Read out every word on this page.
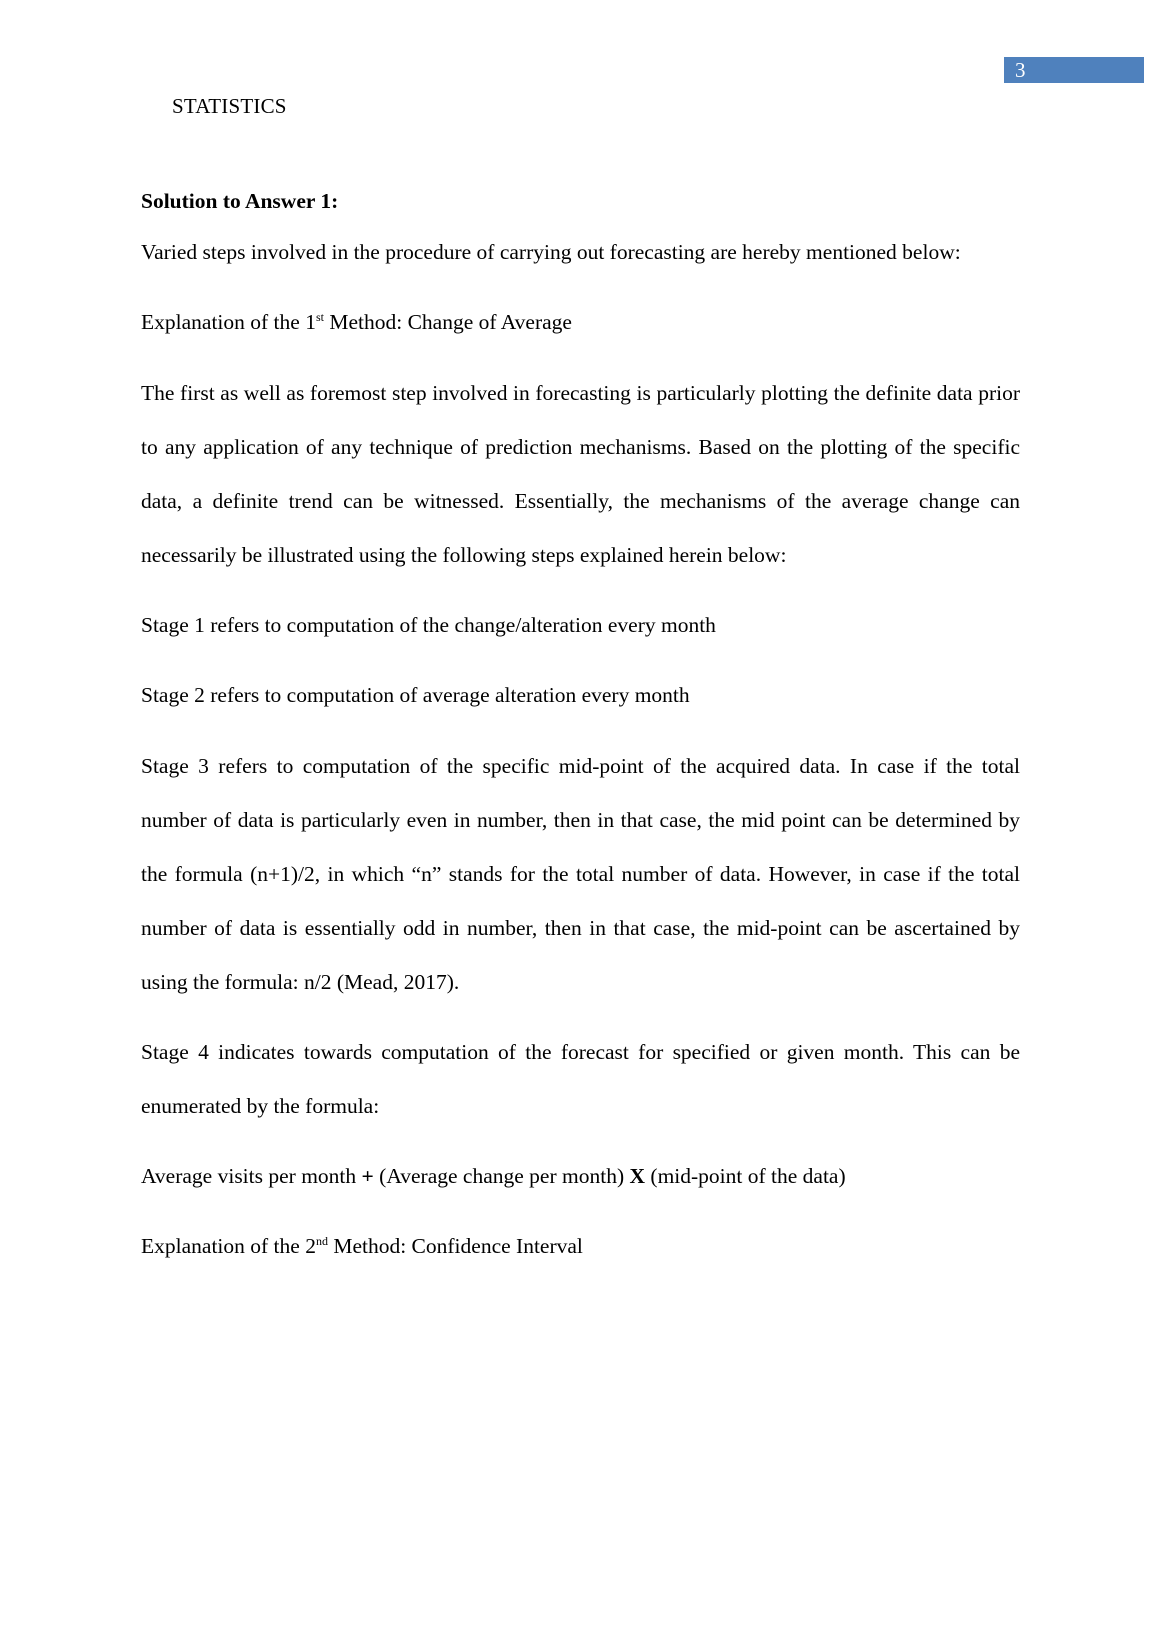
3
STATISTICS

Solution to Answer 1:

Varied steps involved in the procedure of carrying out forecasting are hereby mentioned below:

Explanation of the 1st Method: Change of Average

The first as well as foremost step involved in forecasting is particularly plotting the definite data prior to any application of any technique of prediction mechanisms. Based on the plotting of the specific data, a definite trend can be witnessed. Essentially, the mechanisms of the average change can necessarily be illustrated using the following steps explained herein below:

Stage 1 refers to computation of the change/alteration every month

Stage 2 refers to computation of average alteration every month

Stage 3 refers to computation of the specific mid-point of the acquired data. In case if the total number of data is particularly even in number, then in that case, the mid point can be determined by the formula (n+1)/2, in which “n” stands for the total number of data. However, in case if the total number of data is essentially odd in number, then in that case, the mid-point can be ascertained by using the formula: n/2 (Mead, 2017).

Stage 4 indicates towards computation of the forecast for specified or given month. This can be enumerated by the formula:

Average visits per month + (Average change per month) X (mid-point of the data)

Explanation of the 2nd Method: Confidence Interval
